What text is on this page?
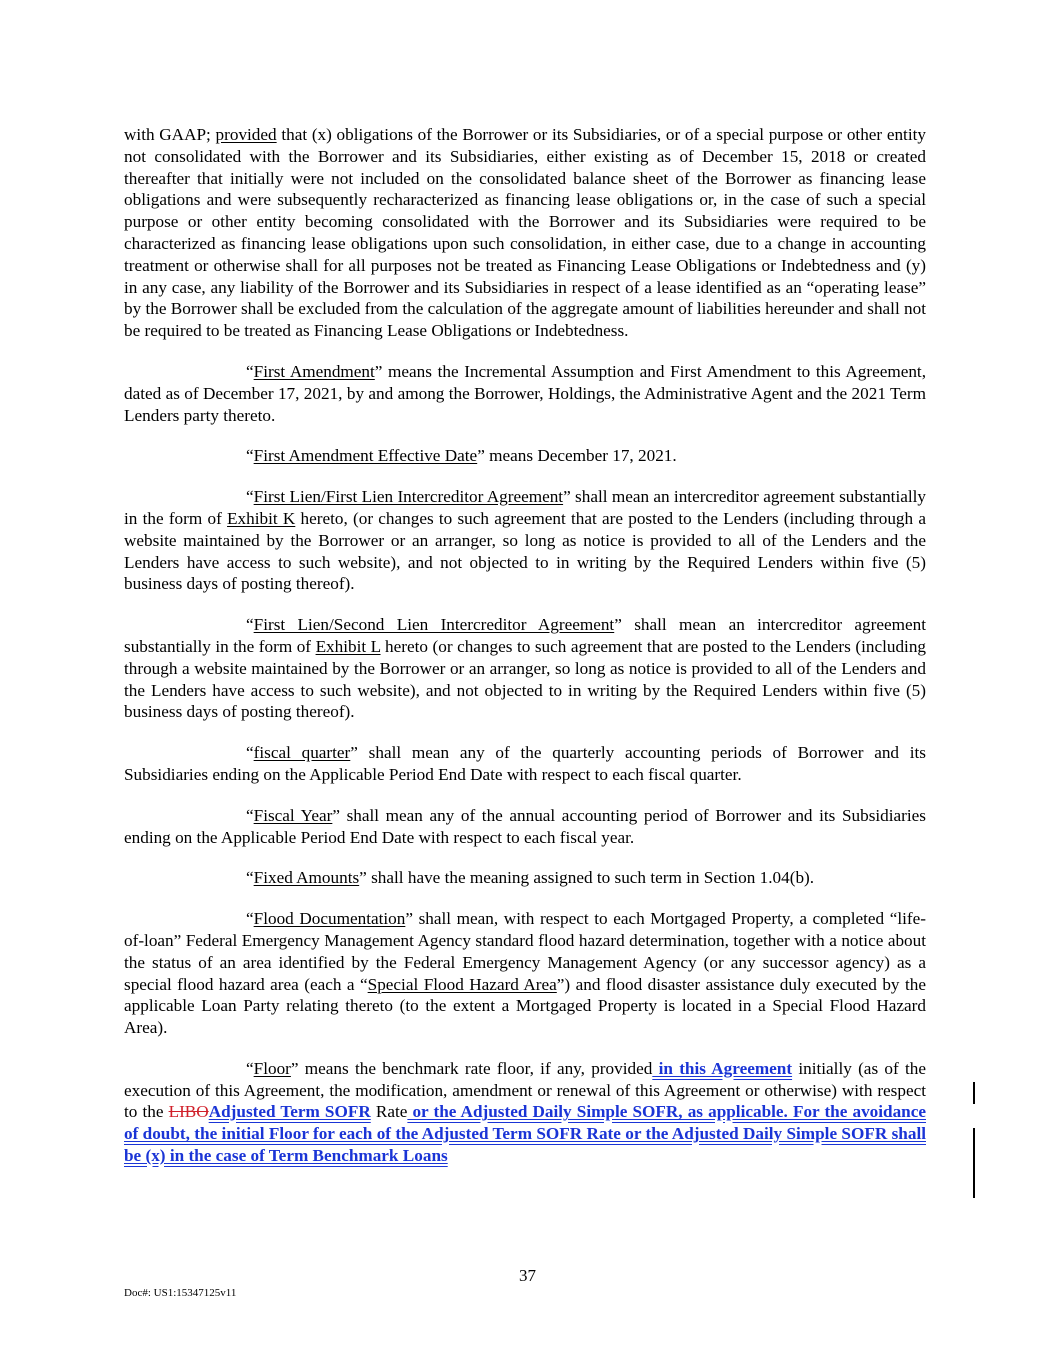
with GAAP; provided that (x) obligations of the Borrower or its Subsidiaries, or of a special purpose or other entity not consolidated with the Borrower and its Subsidiaries, either existing as of December 15, 2018 or created thereafter that initially were not included on the consolidated balance sheet of the Borrower as financing lease obligations and were subsequently recharacterized as financing lease obligations or, in the case of such a special purpose or other entity becoming consolidated with the Borrower and its Subsidiaries were required to be characterized as financing lease obligations upon such consolidation, in either case, due to a change in accounting treatment or otherwise shall for all purposes not be treated as Financing Lease Obligations or Indebtedness and (y) in any case, any liability of the Borrower and its Subsidiaries in respect of a lease identified as an “operating lease” by the Borrower shall be excluded from the calculation of the aggregate amount of liabilities hereunder and shall not be required to be treated as Financing Lease Obligations or Indebtedness.

“First Amendment” means the Incremental Assumption and First Amendment to this Agreement, dated as of December 17, 2021, by and among the Borrower, Holdings, the Administrative Agent and the 2021 Term Lenders party thereto.

“First Amendment Effective Date” means December 17, 2021.

“First Lien/First Lien Intercreditor Agreement” shall mean an intercreditor agreement substantially in the form of Exhibit K hereto, (or changes to such agreement that are posted to the Lenders (including through a website maintained by the Borrower or an arranger, so long as notice is provided to all of the Lenders and the Lenders have access to such website), and not objected to in writing by the Required Lenders within five (5) business days of posting thereof).

“First Lien/Second Lien Intercreditor Agreement” shall mean an intercreditor agreement substantially in the form of Exhibit L hereto (or changes to such agreement that are posted to the Lenders (including through a website maintained by the Borrower or an arranger, so long as notice is provided to all of the Lenders and the Lenders have access to such website), and not objected to in writing by the Required Lenders within five (5) business days of posting thereof).

“fiscal quarter” shall mean any of the quarterly accounting periods of Borrower and its Subsidiaries ending on the Applicable Period End Date with respect to each fiscal quarter.

“Fiscal Year” shall mean any of the annual accounting period of Borrower and its Subsidiaries ending on the Applicable Period End Date with respect to each fiscal year.

“Fixed Amounts” shall have the meaning assigned to such term in Section 1.04(b).

“Flood Documentation” shall mean, with respect to each Mortgaged Property, a completed “life-of-loan” Federal Emergency Management Agency standard flood hazard determination, together with a notice about the status of an area identified by the Federal Emergency Management Agency (or any successor agency) as a special flood hazard area (each a “Special Flood Hazard Area”) and flood disaster assistance duly executed by the applicable Loan Party relating thereto (to the extent a Mortgaged Property is located in a Special Flood Hazard Area).

“Floor” means the benchmark rate floor, if any, provided in this Agreement initially (as of the execution of this Agreement, the modification, amendment or renewal of this Agreement or otherwise) with respect to the LIBOAdjusted Term SOFR Rate or the Adjusted Daily Simple SOFR, as applicable. For the avoidance of doubt, the initial Floor for each of the Adjusted Term SOFR Rate or the Adjusted Daily Simple SOFR shall be (x) in the case of Term Benchmark Loans

37
Doc#: US1:15347125v11
